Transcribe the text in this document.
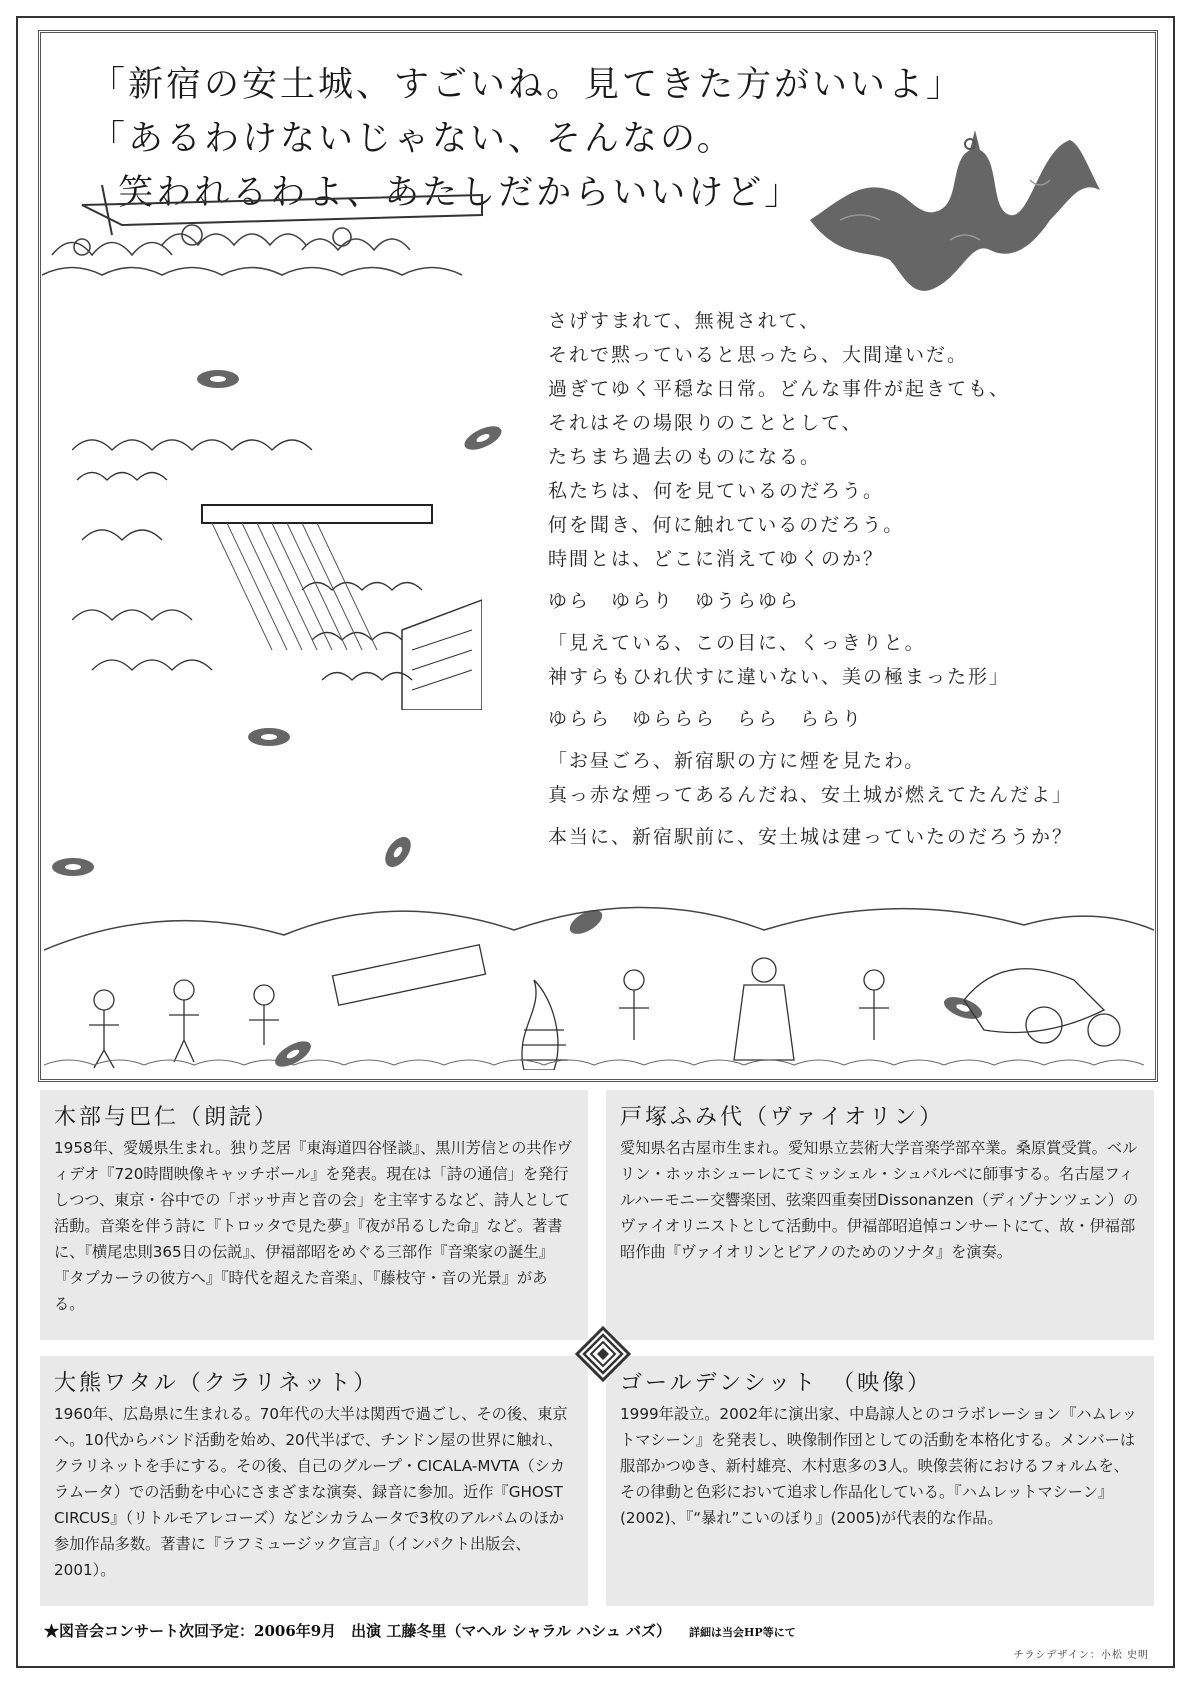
「新宿の安土城、すごいね。見てきた方がいいよ」
「あるわけないじゃない、そんなの。
笑われるわよ、あたしだからいいけど」
さげすまれて、無視されて、
それで黙っていると思ったら、大間違いだ。
過ぎてゆく平穏な日常。どんな事件が起きても、
それはその場限りのこととして、
たちまち過去のものになる。
私たちは、何を見ているのだろう。
何を聞き、何に触れているのだろう。
時間とは、どこに消えてゆくのか？
ゆら　ゆらり　ゆうらゆら
「見えている、この目に、くっきりと。
神すらもひれ伏すに違いない、美の極まった形」
ゆらら　ゆららら　らら　ららり
「お昼ごろ、新宿駅の方に煙を見たわ。
真っ赤な煙ってあるんだね、安土城が燃えてたんだよ」
本当に、新宿駅前に、安土城は建っていたのだろうか？
木部与巴仁（朗読）

1958年、愛媛県生まれ。独り芝居『東海道四谷怪談』、黒川芳信との共作ヴィデオ『720時間映像キャッチボール』を発表。現在は「詩の通信」を発行しつつ、東京・谷中での「ボッサ声と音の会」を主宰するなど、詩人として活動。音楽を伴う詩に『トロッタで見た夢』『夜が吊るした命』など。著書に、『横尾忠則365日の伝説』、伊福部昭をめぐる三部作『音楽家の誕生』『タプカーラの彼方へ』『時代を超えた音楽』、『藤枝守・音の光景』がある。

戸塚ふみ代（ヴァイオリン）

愛知県名古屋市生まれ。愛知県立芸術大学音楽学部卒業。桑原賞受賞。ベルリン・ホッホシューレにてミッシェル・シュバルベに師事する。名古屋フィルハーモニー交響楽団、弦楽四重奏団Dissonanzen（ディゾナンツェン）のヴァイオリニストとして活動中。伊福部昭追悼コンサートにて、故・伊福部昭作曲『ヴァイオリンとピアノのためのソナタ』を演奏。

大熊ワタル（クラリネット）

1960年、広島県に生まれる。70年代の大半は関西で過ごし、その後、東京へ。10代からバンド活動を始め、20代半ばで、チンドン屋の世界に触れ、クラリネットを手にする。その後、自己のグループ・CICALA-MVTA（シカラムータ）での活動を中心にさまざまな演奏、録音に参加。近作『GHOST CIRCUS』（リトルモアレコーズ）などシカラムータで3枚のアルバムのほか参加作品多数。著書に『ラフミュージック宣言』（インパクト出版会、2001）。

ゴールデンシット　（映像）

1999年設立。2002年に演出家、中島諒人とのコラボレーション『ハムレットマシーン』を発表し、映像制作団としての活動を本格化する。メンバーは服部かつゆき、新村雄亮、木村恵多の3人。映像芸術におけるフォルムを、その律動と色彩において追求し作品化している。『ハムレットマシーン』(2002)、『“暴れ”こいのぼり』(2005)が代表的な作品。

★図音会コンサート次回予定：2006年9月　出演 工藤冬里（マヘル シャラル ハシュ バズ） 詳細は当会HP等にて
チラシデザイン：小松 史明
